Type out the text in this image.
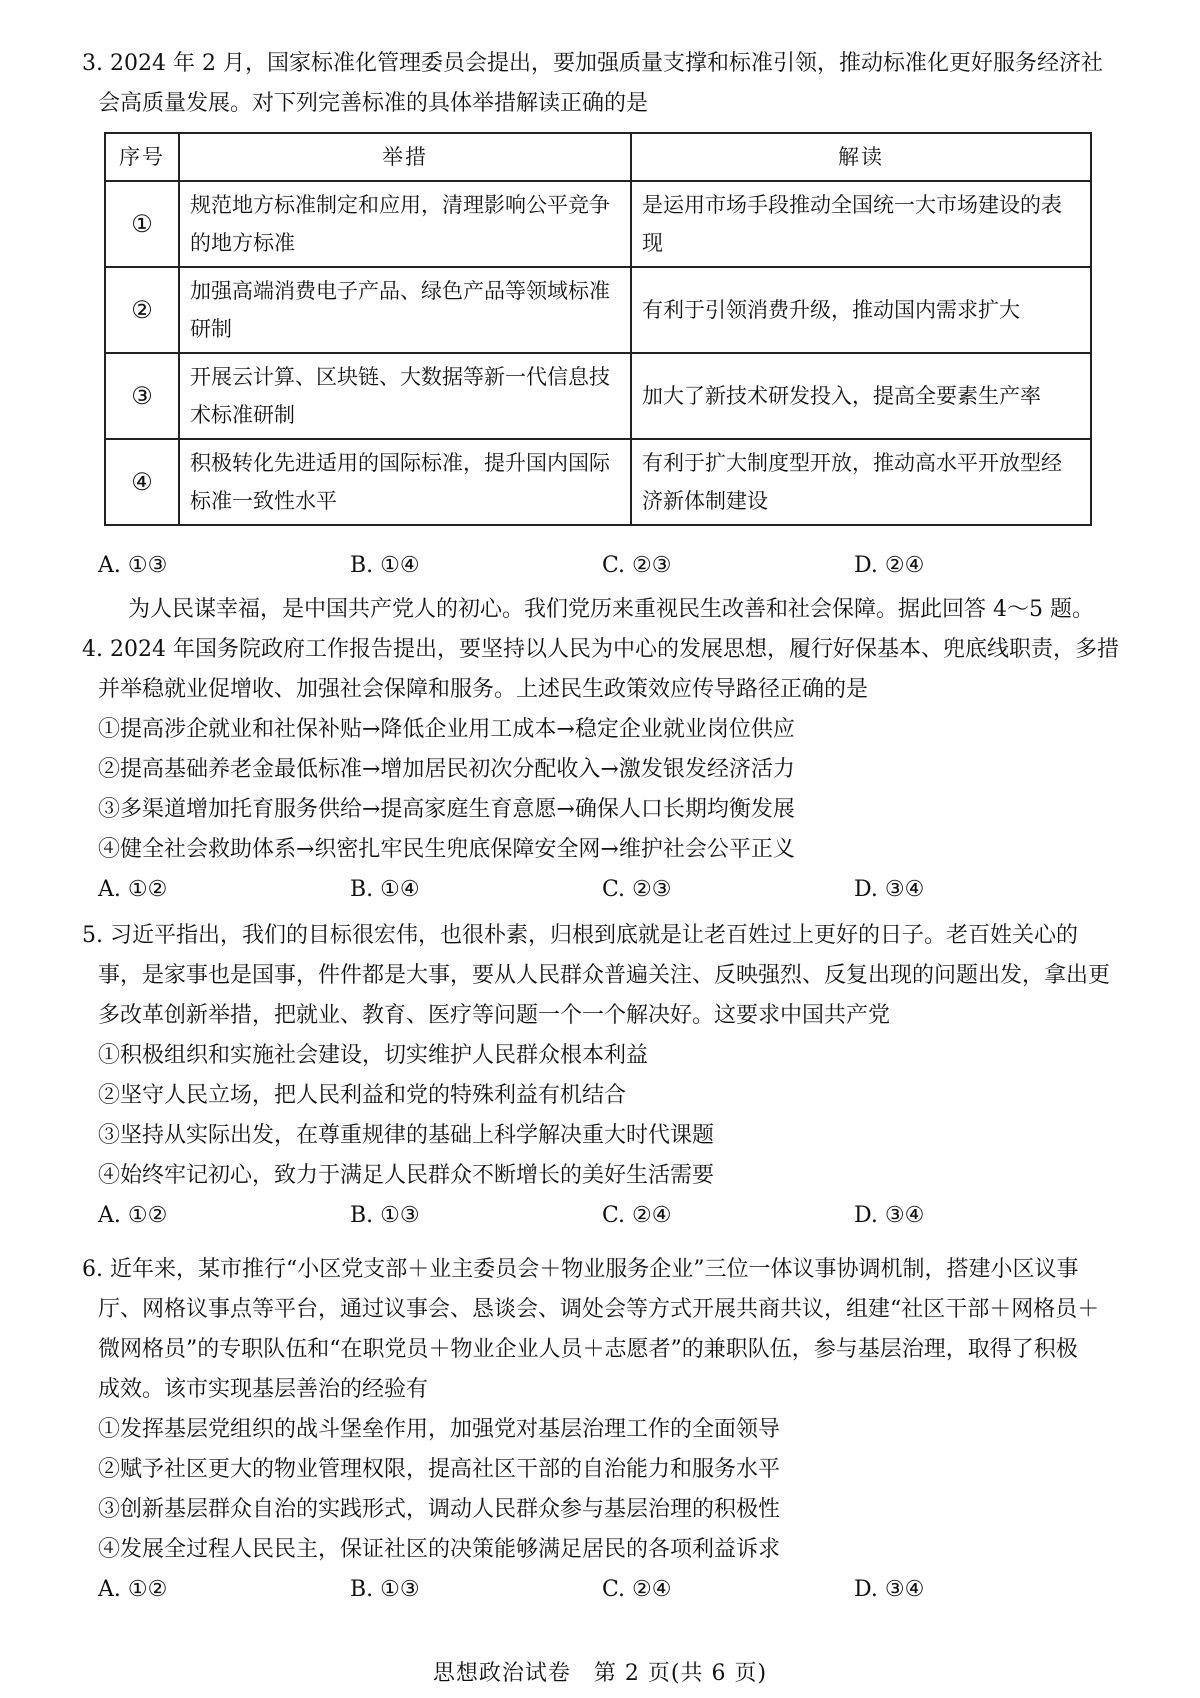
3. 2024 年 2 月，国家标准化管理委员会提出，要加强质量支撑和标准引领，推动标准化更好服务经济社
会高质量发展。对下列完善标准的具体举措解读正确的是
序号	举措	解读
①	规范地方标准制定和应用，清理影响公平竞争的地方标准	是运用市场手段推动全国统一大市场建设的表现
②	加强高端消费电子产品、绿色产品等领域标准研制	有利于引领消费升级，推动国内需求扩大
③	开展云计算、区块链、大数据等新一代信息技术标准研制	加大了新技术研发投入，提高全要素生产率
④	积极转化先进适用的国际标准，提升国内国际标准一致性水平	有利于扩大制度型开放，推动高水平开放型经济新体制建设
A. ①③	B. ①④	C. ②③	D. ②④
为人民谋幸福，是中国共产党人的初心。我们党历来重视民生改善和社会保障。据此回答 4～5 题。
4. 2024 年国务院政府工作报告提出，要坚持以人民为中心的发展思想，履行好保基本、兜底线职责，多措
并举稳就业促增收、加强社会保障和服务。上述民生政策效应传导路径正确的是
①提高涉企就业和社保补贴→降低企业用工成本→稳定企业就业岗位供应
②提高基础养老金最低标准→增加居民初次分配收入→激发银发经济活力
③多渠道增加托育服务供给→提高家庭生育意愿→确保人口长期均衡发展
④健全社会救助体系→织密扎牢民生兜底保障安全网→维护社会公平正义
A. ①②	B. ①④	C. ②③	D. ③④
5. 习近平指出，我们的目标很宏伟，也很朴素，归根到底就是让老百姓过上更好的日子。老百姓关心的
事，是家事也是国事，件件都是大事，要从人民群众普遍关注、反映强烈、反复出现的问题出发，拿出更
多改革创新举措，把就业、教育、医疗等问题一个一个解决好。这要求中国共产党
①积极组织和实施社会建设，切实维护人民群众根本利益
②坚守人民立场，把人民利益和党的特殊利益有机结合
③坚持从实际出发，在尊重规律的基础上科学解决重大时代课题
④始终牢记初心，致力于满足人民群众不断增长的美好生活需要
A. ①②	B. ①③	C. ②④	D. ③④
6. 近年来，某市推行“小区党支部＋业主委员会＋物业服务企业”三位一体议事协调机制，搭建小区议事
厅、网格议事点等平台，通过议事会、恳谈会、调处会等方式开展共商共议，组建“社区干部＋网格员＋
微网格员”的专职队伍和“在职党员＋物业企业人员＋志愿者”的兼职队伍，参与基层治理，取得了积极
成效。该市实现基层善治的经验有
①发挥基层党组织的战斗堡垒作用，加强党对基层治理工作的全面领导
②赋予社区更大的物业管理权限，提高社区干部的自治能力和服务水平
③创新基层群众自治的实践形式，调动人民群众参与基层治理的积极性
④发展全过程人民民主，保证社区的决策能够满足居民的各项利益诉求
A. ①②	B. ①③	C. ②④	D. ③④
思想政治试卷　第 2 页(共 6 页)
